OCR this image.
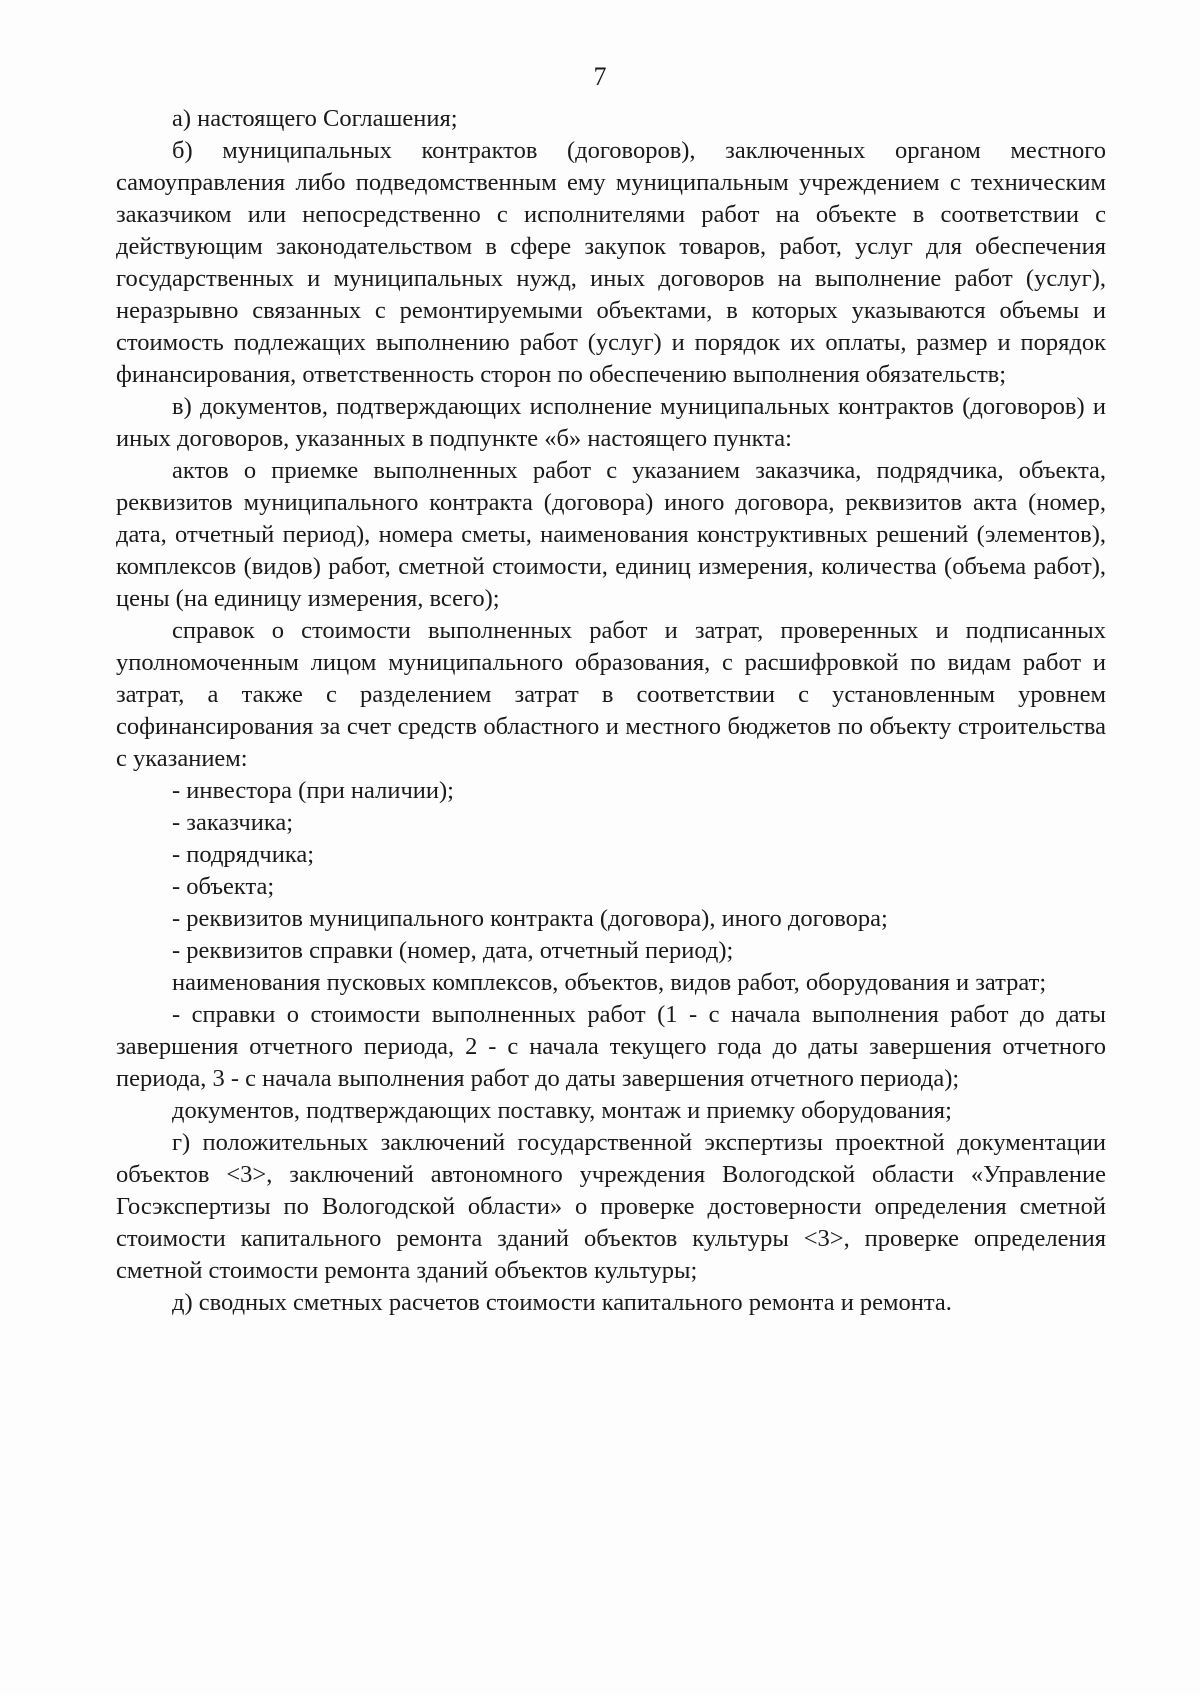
7

а) настоящего Соглашения;

б) муниципальных контрактов (договоров), заключенных органом местного самоуправления либо подведомственным ему муниципальным учреждением с техническим заказчиком или непосредственно с исполнителями работ на объекте в соответствии с действующим законодательством в сфере закупок товаров, работ, услуг для обеспечения государственных и муниципальных нужд, иных договоров на выполнение работ (услуг), неразрывно связанных с ремонтируемыми объектами, в которых указываются объемы и стоимость подлежащих выполнению работ (услуг) и порядок их оплаты, размер и порядок финансирования, ответственность сторон по обеспечению выполнения обязательств;

в) документов, подтверждающих исполнение муниципальных контрактов (договоров) и иных договоров, указанных в подпункте «б» настоящего пункта:

актов о приемке выполненных работ с указанием заказчика, подрядчика, объекта, реквизитов муниципального контракта (договора) иного договора, реквизитов акта (номер, дата, отчетный период), номера сметы, наименования конструктивных решений (элементов), комплексов (видов) работ, сметной стоимости, единиц измерения, количества (объема работ), цены (на единицу измерения, всего);

справок о стоимости выполненных работ и затрат, проверенных и подписанных уполномоченным лицом муниципального образования, с расшифровкой по видам работ и затрат, а также с разделением затрат в соответствии с установленным уровнем софинансирования за счет средств областного и местного бюджетов по объекту строительства с указанием:

- инвестора (при наличии);

- заказчика;

- подрядчика;

- объекта;

- реквизитов муниципального контракта (договора), иного договора;

- реквизитов справки (номер, дата, отчетный период);

наименования пусковых комплексов, объектов, видов работ, оборудования и затрат;

- справки о стоимости выполненных работ (1 - с начала выполнения работ до даты завершения отчетного периода, 2 - с начала текущего года до даты завершения отчетного периода, 3 - с начала выполнения работ до даты завершения отчетного периода);

документов, подтверждающих поставку, монтаж и приемку оборудования;

г) положительных заключений государственной экспертизы проектной документации объектов <3>, заключений автономного учреждения Вологодской области «Управление Госэкспертизы по Вологодской области» о проверке достоверности определения сметной стоимости капитального ремонта зданий объектов культуры <3>, проверке определения сметной стоимости ремонта зданий объектов культуры;

д) сводных сметных расчетов стоимости капитального ремонта и ремонта.
